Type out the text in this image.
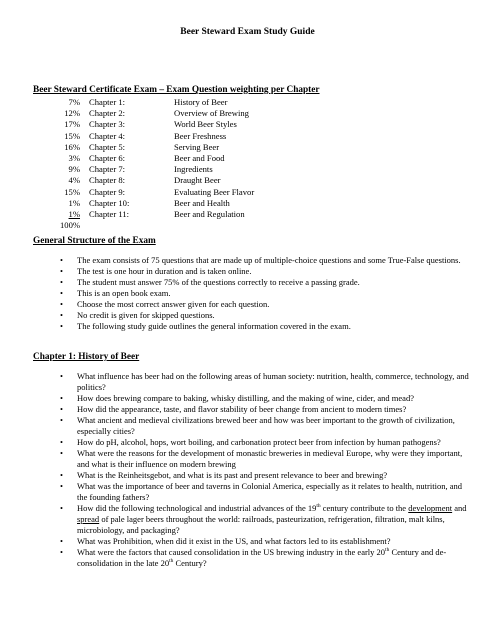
Beer Steward Exam Study Guide
Beer Steward Certificate Exam – Exam Question weighting per Chapter
7% Chapter 1:	History of Beer
12% Chapter 2:	Overview of Brewing
17% Chapter 3:	World Beer Styles
15% Chapter 4:	Beer Freshness
16% Chapter 5:	Serving Beer
3% Chapter 6:	Beer and Food
9% Chapter 7:	Ingredients
4% Chapter 8:	Draught Beer
15% Chapter 9:	Evaluating Beer Flavor
1% Chapter 10:	Beer and Health
1% Chapter 11:	Beer and Regulation
100%
General Structure of the Exam
• The exam consists of 75 questions that are made up of multiple-choice questions and some True-False questions.
• The test is one hour in duration and is taken online.
• The student must answer 75% of the questions correctly to receive a passing grade.
• This is an open book exam.
• Choose the most correct answer given for each question.
• No credit is given for skipped questions.
• The following study guide outlines the general information covered in the exam.
Chapter 1: History of Beer
• What influence has beer had on the following areas of human society: nutrition, health, commerce, technology, and politics?
• How does brewing compare to baking, whisky distilling, and the making of wine, cider, and mead?
• How did the appearance, taste, and flavor stability of beer change from ancient to modern times?
• What ancient and medieval civilizations brewed beer and how was beer important to the growth of civilization, especially cities?
• How do pH, alcohol, hops, wort boiling, and carbonation protect beer from infection by human pathogens?
• What were the reasons for the development of monastic breweries in medieval Europe, why were they important, and what is their influence on modern brewing
• What is the Reinheitsgebot, and what is its past and present relevance to beer and brewing?
• What was the importance of beer and taverns in Colonial America, especially as it relates to health, nutrition, and the founding fathers?
• How did the following technological and industrial advances of the 19th century contribute to the development and spread of pale lager beers throughout the world: railroads, pasteurization, refrigeration, filtration, malt kilns, microbiology, and packaging?
• What was Prohibition, when did it exist in the US, and what factors led to its establishment?
• What were the factors that caused consolidation in the US brewing industry in the early 20th Century and de-consolidation in the late 20th Century?
